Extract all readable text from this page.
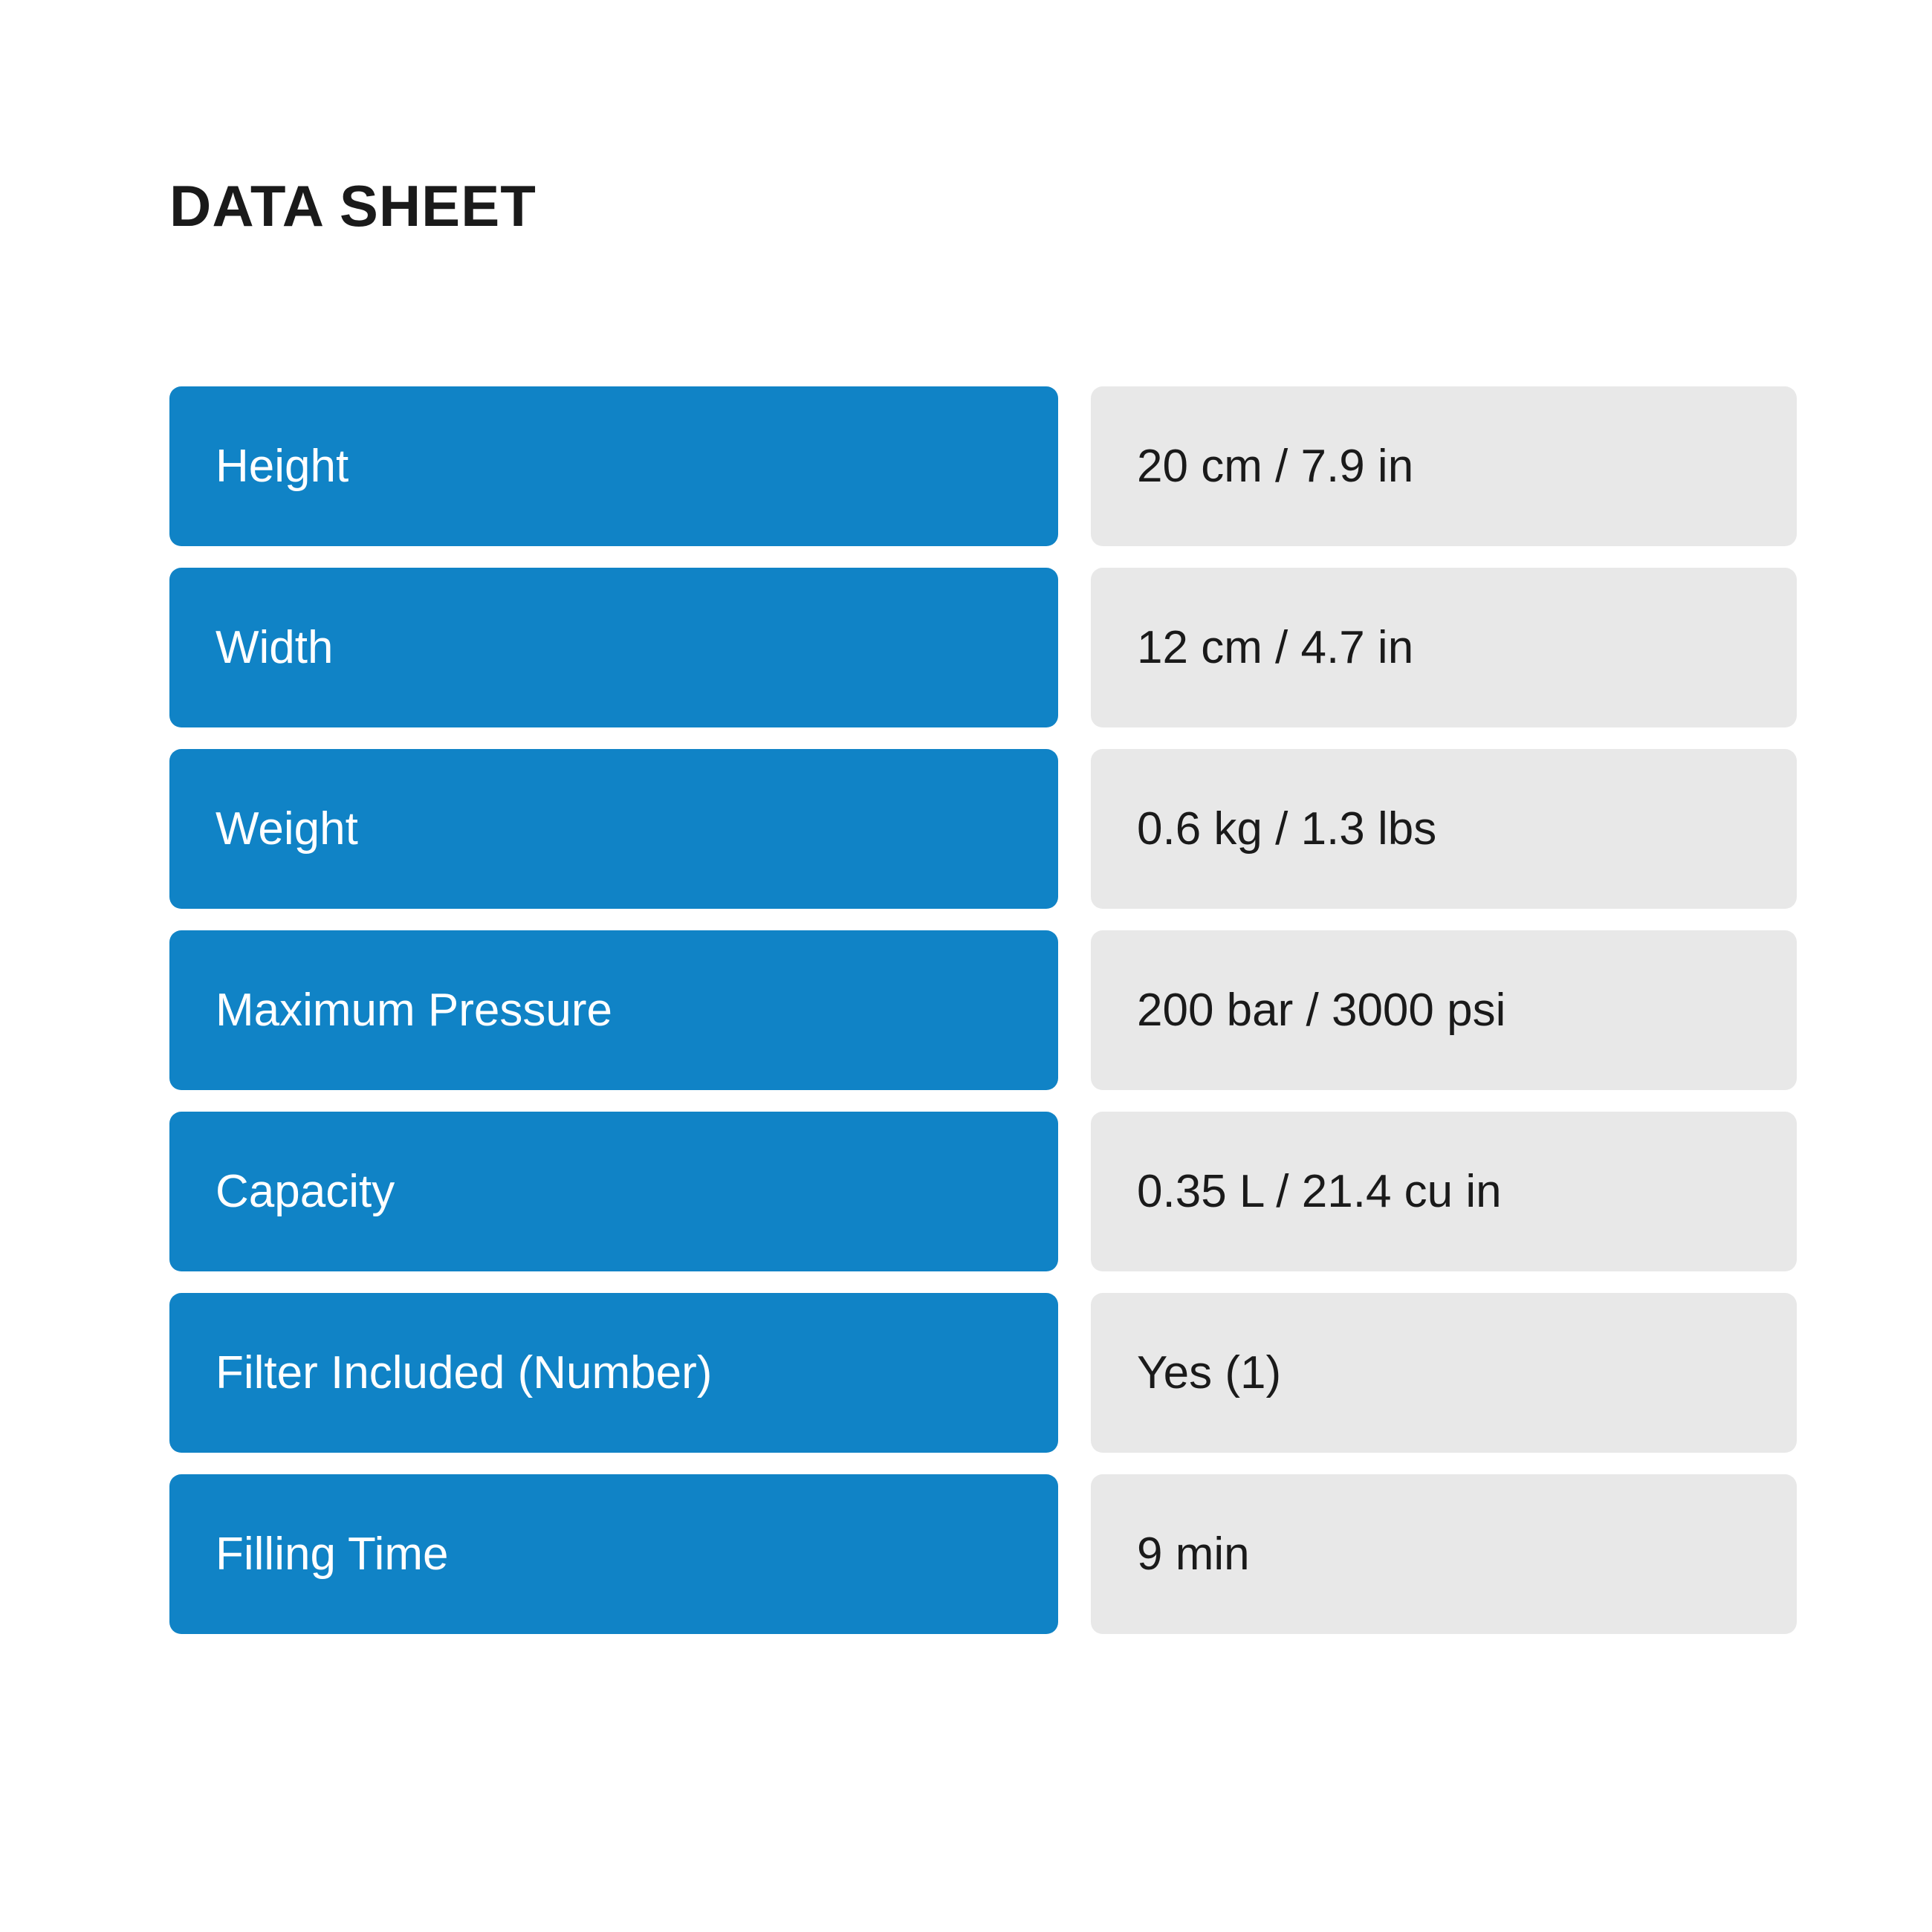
DATA SHEET
Height	20 cm / 7.9 in
Width	12 cm / 4.7 in
Weight	0.6 kg / 1.3 lbs
Maximum Pressure	200 bar / 3000 psi
Capacity	0.35 L / 21.4 cu in
Filter Included (Number)	Yes (1)
Filling Time	9 min
